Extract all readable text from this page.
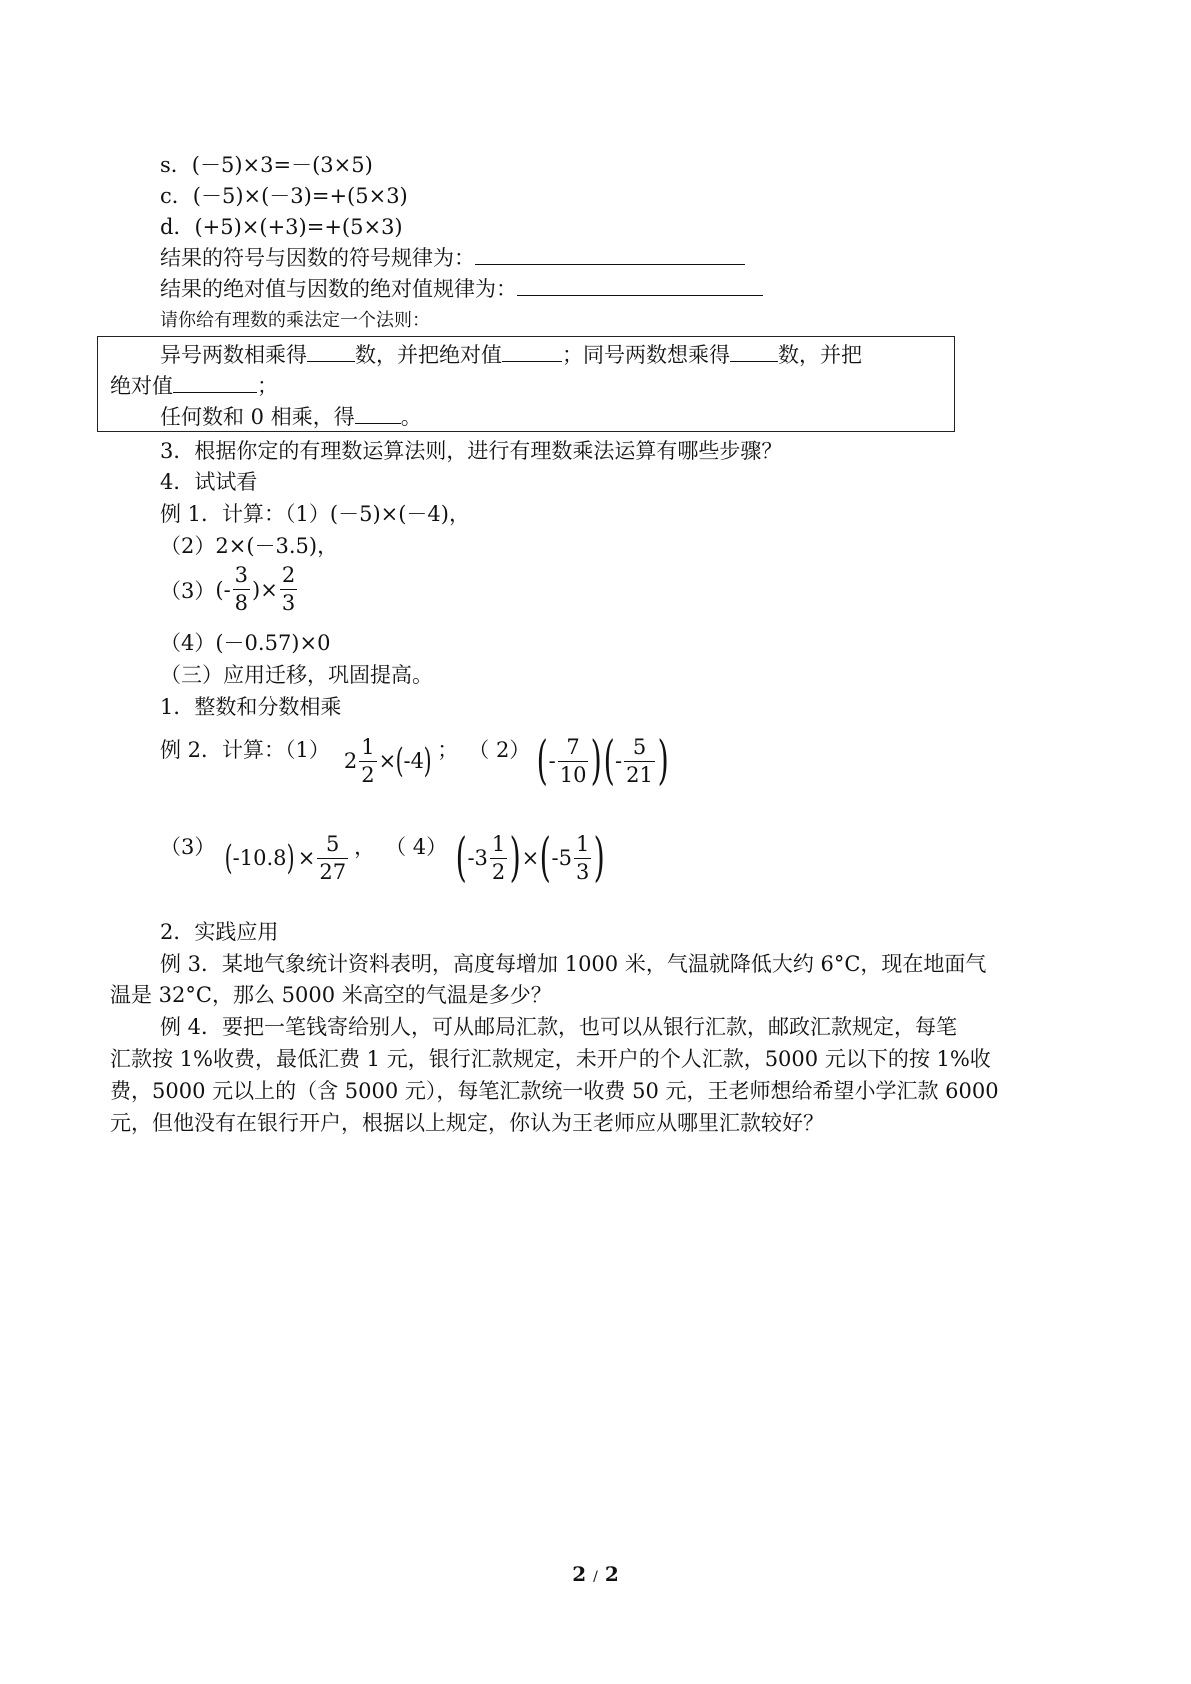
s．(－5)×3=－(3×5)
c．(－5)×(－3)=+(5×3)
d．(+5)×(+3)=+(5×3)
结果的符号与因数的符号规律为：
结果的绝对值与因数的绝对值规律为：
请你给有理数的乘法定一个法则：
异号两数相乘得 数，并把绝对值	；同号两数想乘得 数，并把
绝对值	；
任何数和 0 相乘，得 。
3．根据你定的有理数运算法则，进行有理数乘法运算有哪些步骤？
4．试试看
例 1．计算：（1）(－5)×(－4)，
（2）2×(－3.5)，
（3） (- $\frac{3}{8}$ )× $\frac{2}{3}$
（4）(－0.57)×0
（三）应用迁移，巩固提高。
1．整数和分数相乘
例 2．计算：（1） $2 \frac{1}{2}$ × ( -4 ) ； （ 2） ( - $\frac{7}{10}$ ) ( - $\frac{5}{21}$ )
（3） ( -10.8 ) × $\frac{5}{27}$ ， （ 4） ( $-3 \frac{1}{2}$ ) × ( $-5 \frac{1}{3}$ )
2．实践应用
例 3．某地气象统计资料表明，高度每增加 1000 米，气温就降低大约 6°C，现在地面气
温是 32°C，那么 5000 米高空的气温是多少？
例 4．要把一笔钱寄给别人，可从邮局汇款，也可以从银行汇款，邮政汇款规定，每笔
汇款按 1%收费，最低汇费 1 元，银行汇款规定，未开户的个人汇款，5000 元以下的按 1%收
费，5000 元以上的（含 5000 元），每笔汇款统一收费 50 元，王老师想给希望小学汇款 6000
元，但他没有在银行开户，根据以上规定，你认为王老师应从哪里汇款较好？
2 / 2
